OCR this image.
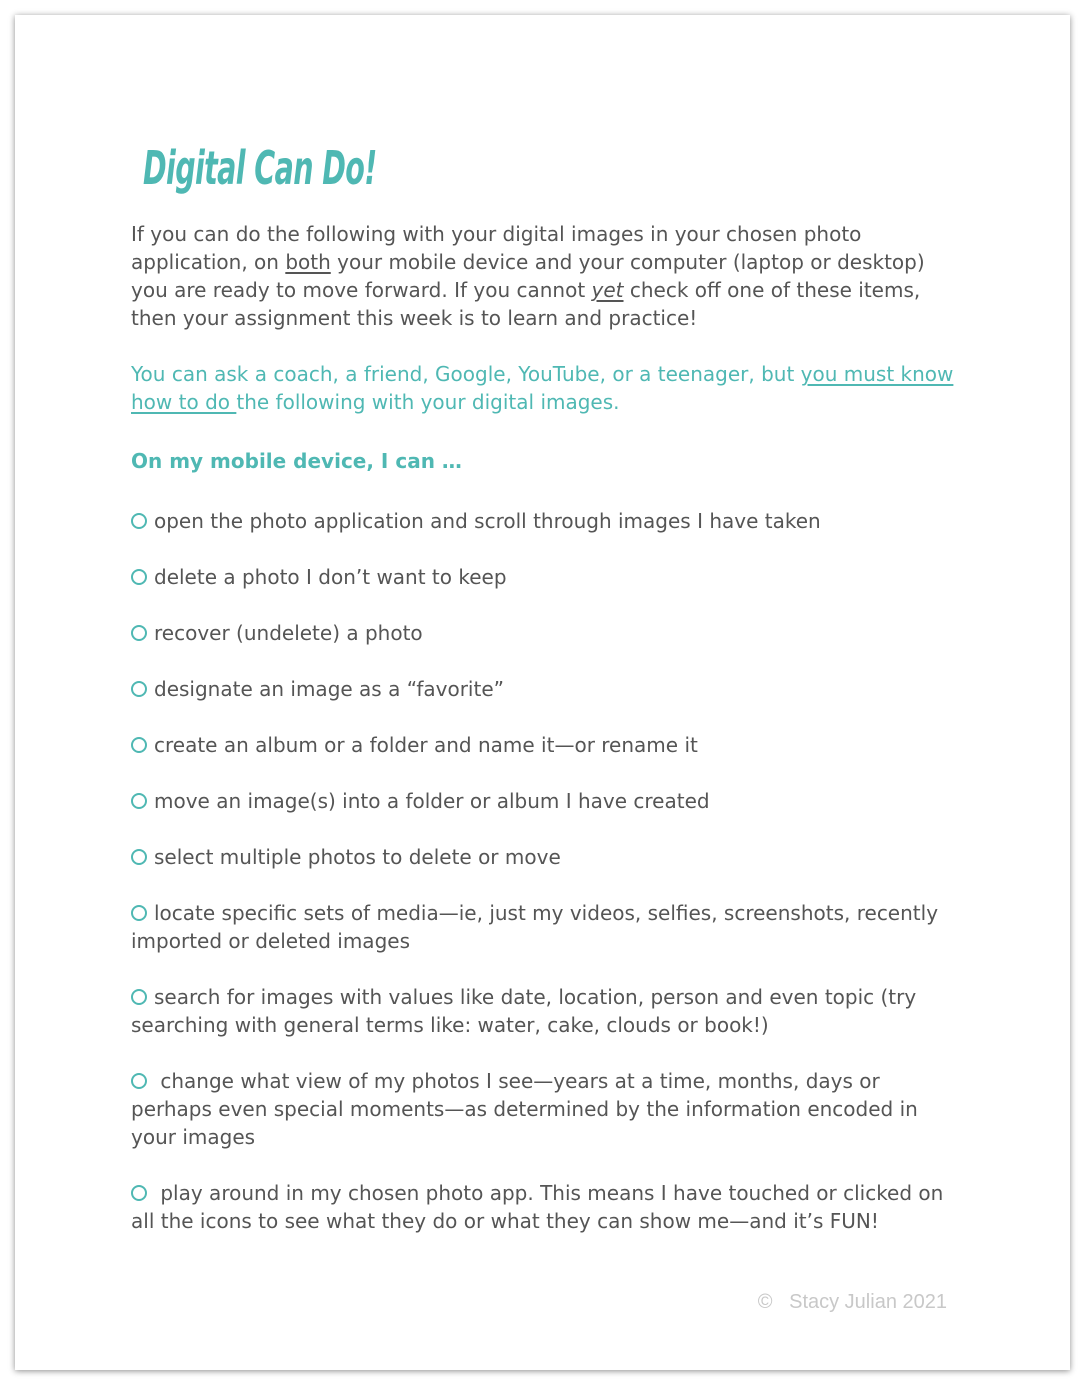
Digital Can Do!

If you can do the following with your digital images in your chosen photo application, on both your mobile device and your computer (laptop or desktop) you are ready to move forward. If you cannot yet check off one of these items, then your assignment this week is to learn and practice!

You can ask a coach, a friend, Google, YouTube, or a teenager, but you must know how to do the following with your digital images.

On my mobile device, I can …
open the photo application and scroll through images I have taken
delete a photo I don’t want to keep
recover (undelete) a photo
designate an image as a “favorite”
create an album or a folder and name it—or rename it
move an image(s) into a folder or album I have created
select multiple photos to delete or move
locate specific sets of media—ie, just my videos, selfies, screenshots, recently imported or deleted images
search for images with values like date, location, person and even topic (try searching with general terms like: water, cake, clouds or book!)
change what view of my photos I see—years at a time, months, days or perhaps even special moments—as determined by the information encoded in your images
play around in my chosen photo app. This means I have touched or clicked on all the icons to see what they do or what they can show me—and it’s FUN!

©   Stacy Julian 2021
